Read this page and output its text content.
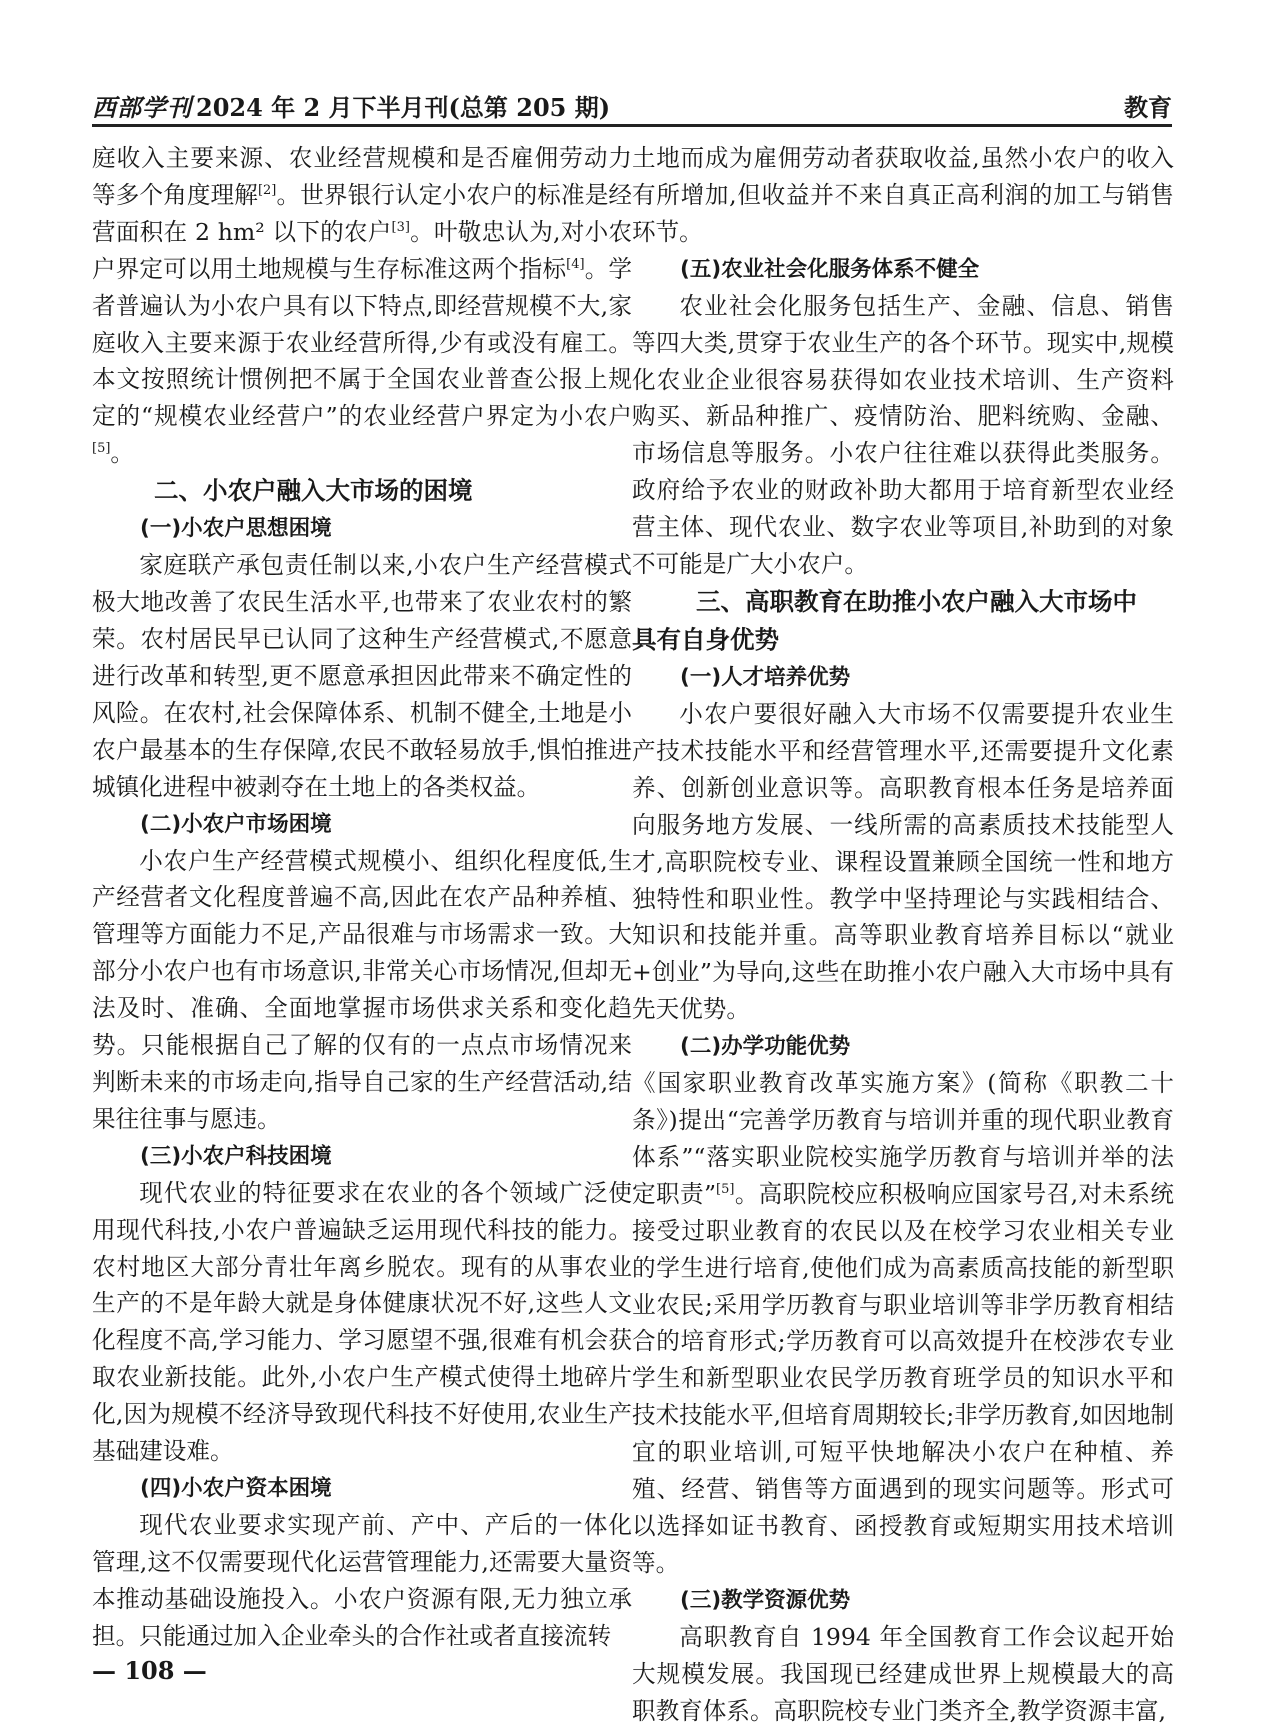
西部学刊 2024 年 2 月下半月刊(总第 205 期)	教育

庭收入主要来源、农业经营规模和是否雇佣劳动力等多个角度理解[2]。世界银行认定小农户的标准是经营面积在 2 hm² 以下的农户[3]。叶敬忠认为,对小农户界定可以用土地规模与生存标准这两个指标[4]。学者普遍认为小农户具有以下特点,即经营规模不大,家庭收入主要来源于农业经营所得,少有或没有雇工。本文按照统计惯例把不属于全国农业普查公报上规定的“规模农业经营户”的农业经营户界定为小农户[5]。

二、小农户融入大市场的困境
(一)小农户思想困境

家庭联产承包责任制以来,小农户生产经营模式极大地改善了农民生活水平,也带来了农业农村的繁荣。农村居民早已认同了这种生产经营模式,不愿意进行改革和转型,更不愿意承担因此带来不确定性的风险。在农村,社会保障体系、机制不健全,土地是小农户最基本的生存保障,农民不敢轻易放手,惧怕推进城镇化进程中被剥夺在土地上的各类权益。

(二)小农户市场困境

小农户生产经营模式规模小、组织化程度低,生产经营者文化程度普遍不高,因此在农产品种养植、管理等方面能力不足,产品很难与市场需求一致。大部分小农户也有市场意识,非常关心市场情况,但却无法及时、准确、全面地掌握市场供求关系和变化趋势。只能根据自己了解的仅有的一点点市场情况来判断未来的市场走向,指导自己家的生产经营活动,结果往往事与愿违。

(三)小农户科技困境

现代农业的特征要求在农业的各个领域广泛使用现代科技,小农户普遍缺乏运用现代科技的能力。农村地区大部分青壮年离乡脱农。现有的从事农业生产的不是年龄大就是身体健康状况不好,这些人文化程度不高,学习能力、学习愿望不强,很难有机会获取农业新技能。此外,小农户生产模式使得土地碎片化,因为规模不经济导致现代科技不好使用,农业生产基础建设难。

(四)小农户资本困境

现代农业要求实现产前、产中、产后的一体化管理,这不仅需要现代化运营管理能力,还需要大量资本推动基础设施投入。小农户资源有限,无力独立承担。只能通过加入企业牵头的合作社或者直接流转

土地而成为雇佣劳动者获取收益,虽然小农户的收入有所增加,但收益并不来自真正高利润的加工与销售环节。

(五)农业社会化服务体系不健全

农业社会化服务包括生产、金融、信息、销售等四大类,贯穿于农业生产的各个环节。现实中,规模化农业企业很容易获得如农业技术培训、生产资料购买、新品种推广、疫情防治、肥料统购、金融、市场信息等服务。小农户往往难以获得此类服务。政府给予农业的财政补助大都用于培育新型农业经营主体、现代农业、数字农业等项目,补助到的对象不可能是广大小农户。

三、高职教育在助推小农户融入大市场中
具有自身优势
(一)人才培养优势

小农户要很好融入大市场不仅需要提升农业生产技术技能水平和经营管理水平,还需要提升文化素养、创新创业意识等。高职教育根本任务是培养面向服务地方发展、一线所需的高素质技术技能型人才,高职院校专业、课程设置兼顾全国统一性和地方独特性和职业性。教学中坚持理论与实践相结合、知识和技能并重。高等职业教育培养目标以“就业+创业”为导向,这些在助推小农户融入大市场中具有先天优势。

(二)办学功能优势

《国家职业教育改革实施方案》(简称《职教二十条》)提出“完善学历教育与培训并重的现代职业教育体系”“落实职业院校实施学历教育与培训并举的法定职责”[5]。高职院校应积极响应国家号召,对未系统接受过职业教育的农民以及在校学习农业相关专业的学生进行培育,使他们成为高素质高技能的新型职业农民;采用学历教育与职业培训等非学历教育相结合的培育形式;学历教育可以高效提升在校涉农专业学生和新型职业农民学历教育班学员的知识水平和技术技能水平,但培育周期较长;非学历教育,如因地制宜的职业培训,可短平快地解决小农户在种植、养殖、经营、销售等方面遇到的现实问题等。形式可以选择如证书教育、函授教育或短期实用技术培训等。

(三)教学资源优势

高职教育自 1994 年全国教育工作会议起开始大规模发展。我国现已经建成世界上规模最大的高职教育体系。高职院校专业门类齐全,教学资源丰富,

— 108 —
